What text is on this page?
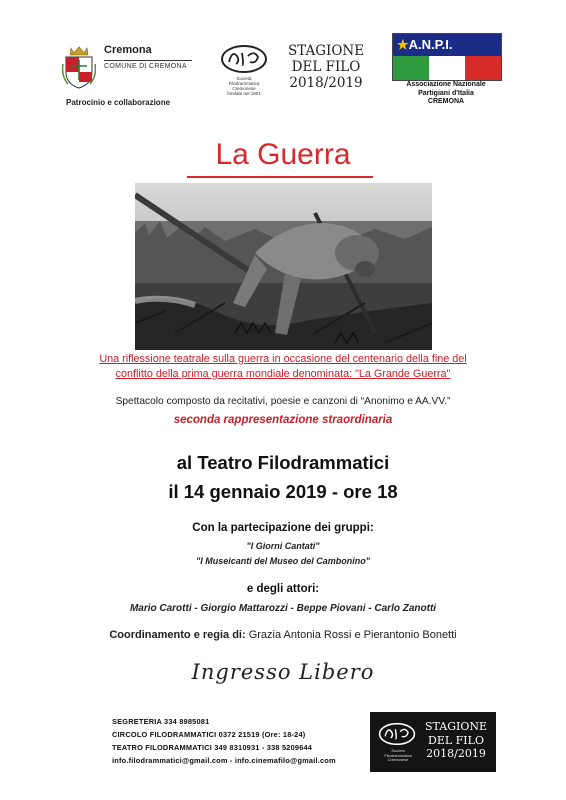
Cremona
COMUNE DI CREMONA
Patrocinio e collaborazione
Società
Filodrammatica
Cremonese
fondata nel 1801
STAGIONE
DEL FILO
2018/2019
★A.N.P.I.
Associazione Nazionale
Partigiani d'Italia
CREMONA
La Guerra
Una riflessione teatrale sulla guerra in occasione del centenario della fine del
conflitto della prima guerra mondiale denominata: "La Grande Guerra"
Spettacolo composto da recitativi, poesie e canzoni di “Anonimo e AA.VV.”
seconda rappresentazione straordinaria
al Teatro Filodrammatici
il 14 gennaio 2019 - ore 18
Con la partecipazione dei gruppi:
"I Giorni Cantati"
"I Museicanti del Museo del Cambonino"
e degli attori:
Mario Carotti - Giorgio Mattarozzi - Beppe Piovani - Carlo Zanotti
Coordinamento e regia di: Grazia Antonia Rossi e Pierantonio Bonetti
Ingresso Libero
SEGRETERIA 334 8985081
CIRCOLO FILODRAMMATICI 0372 21519 (Ore: 18-24)
TEATRO FILODRAMMATICI 349 8310931 - 338 5209644
info.filodrammatici@gmail.com - info.cinemafilo@gmail.com
Società
Filodrammatica
Cremonese
STAGIONE
DEL FILO
2018/2019
